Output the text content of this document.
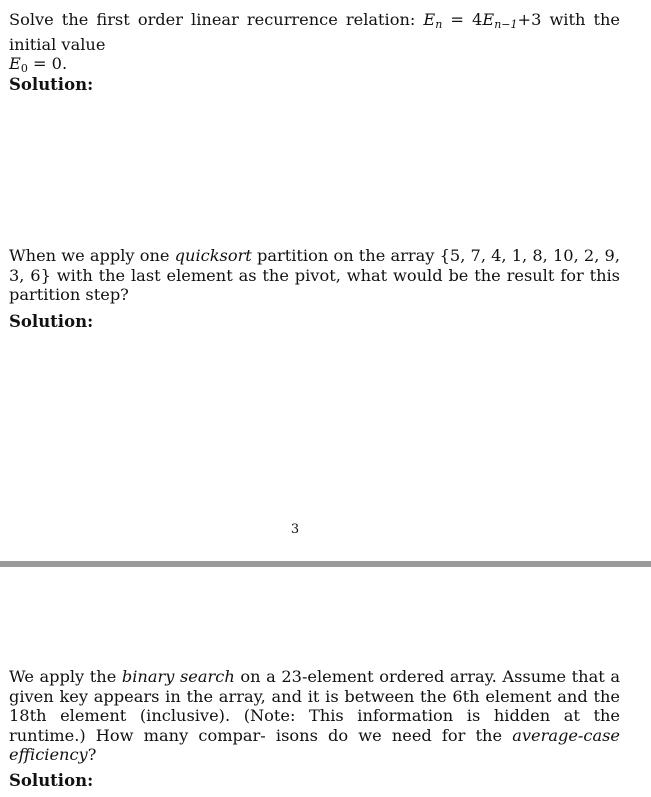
Solve the first order linear recurrence relation: $E_n = 4E_{n-1}+3$ with the initial value
$E_0 = 0$.
Solution:
When we apply one quicksort partition on the array {5, 7, 4, 1, 8, 10, 2, 9, 3, 6} with the last element as the pivot, what would be the result for this partition step?
Solution:
3
We apply the binary search on a 23-element ordered array. Assume that a given key appears in the array, and it is between the 6th element and the 18th element (inclusive). (Note: This information is hidden at the runtime.) How many compar- isons do we need for the average-case efficiency?
Solution:
